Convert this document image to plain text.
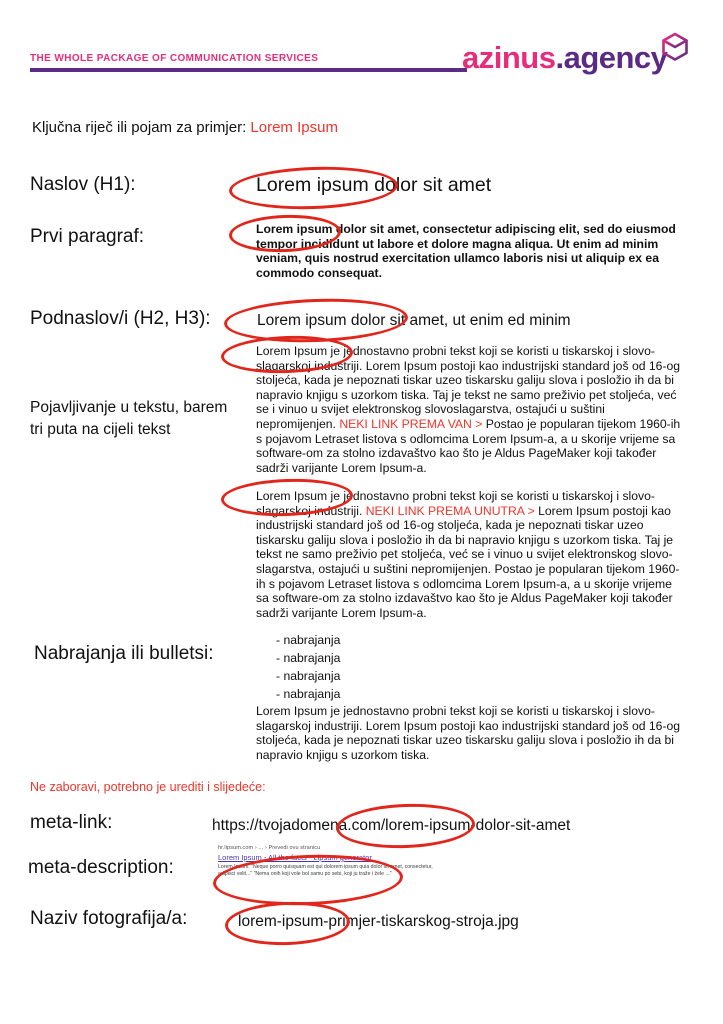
THE WHOLE PACKAGE OF COMMUNICATION SERVICES	azinus.agency
Ključna riječ ili pojam za primjer: Lorem Ipsum
Naslov (H1):	Lorem ipsum dolor sit amet
Prvi paragraf:	Lorem ipsum dolor sit amet, consectetur adipiscing elit, sed do eiusmod tempor incididunt ut labore et dolore magna aliqua. Ut enim ad minim veniam, quis nostrud exercitation ullamco laboris nisi ut aliquip ex ea commodo consequat.
Podnaslov/i (H2, H3):	Lorem ipsum dolor sit amet, ut enim ed minim
Pojavljivanje u tekstu, barem tri puta na cijeli tekst
Lorem Ipsum je jednostavno probni tekst koji se koristi u tiskarskoj i slovo-slagarskoj industriji. Lorem Ipsum postoji kao industrijski standard još od 16-og stoljeća, kada je nepoznati tiskar uzeo tiskarsku galiju slova i posložio ih da bi napravio knjigu s uzorkom tiska. Taj je tekst ne samo preživio pet stoljeća, već se i vinuo u svijet elektronskog slovoslagarstva, ostajući u suštini nepromijenjen. NEKI LINK PREMA VAN > Postao je popularan tijekom 1960-ih s pojavom Letraset listova s odlomcima Lorem Ipsum-a, a u skorije vrijeme sa software-om za stolno izdavaštvo kao što je Aldus PageMaker koji također sadrži varijante Lorem Ipsum-a.
Lorem Ipsum je jednostavno probni tekst koji se koristi u tiskarskoj i slovo-slagarskoj industriji. NEKI LINK PREMA UNUTRA > Lorem Ipsum postoji kao industrijski standard još od 16-og stoljeća, kada je nepoznati tiskar uzeo tiskarsku galiju slova i posložio ih da bi napravio knjigu s uzorkom tiska. Taj je tekst ne samo preživio pet stoljeća, već se i vinuo u svijet elektronskog slovo-slagarstva, ostajući u suštini nepromijenjen. Postao je popularan tijekom 1960-ih s pojavom Letraset listova s odlomcima Lorem Ipsum-a, a u skorije vrijeme sa software-om za stolno izdavaštvo kao što je Aldus PageMaker koji također sadrži varijante Lorem Ipsum-a.
Nabrajanja ili bulletsi:
- nabrajanja
- nabrajanja
- nabrajanja
- nabrajanja
Lorem Ipsum je jednostavno probni tekst koji se koristi u tiskarskoj i slovo-slagarskoj industriji. Lorem Ipsum postoji kao industrijski standard još od 16-og stoljeća, kada je nepoznati tiskar uzeo tiskarsku galiju slova i posložio ih da bi napravio knjigu s uzorkom tiska.
Ne zaboravi, potrebno je urediti i slijedeće:
meta-link:	https://tvojadomena.com/lorem-ipsum-dolor-sit-amet
meta-description:
hr.lipsum.com › ... › Prevedi ovu stranicu
Lorem Ipsum - All the facts - Lipsum generator
Lorem Ipsum. "Neque porro quisquam est qui dolorem ipsum quia dolor sit amet, consectetur, adipisci velit..." "Nema onih koji vole bol samu po sebi, koji ju traže i žele ..."
Naziv fotografija/a:	lorem-ipsum-primjer-tiskarskog-stroja.jpg
